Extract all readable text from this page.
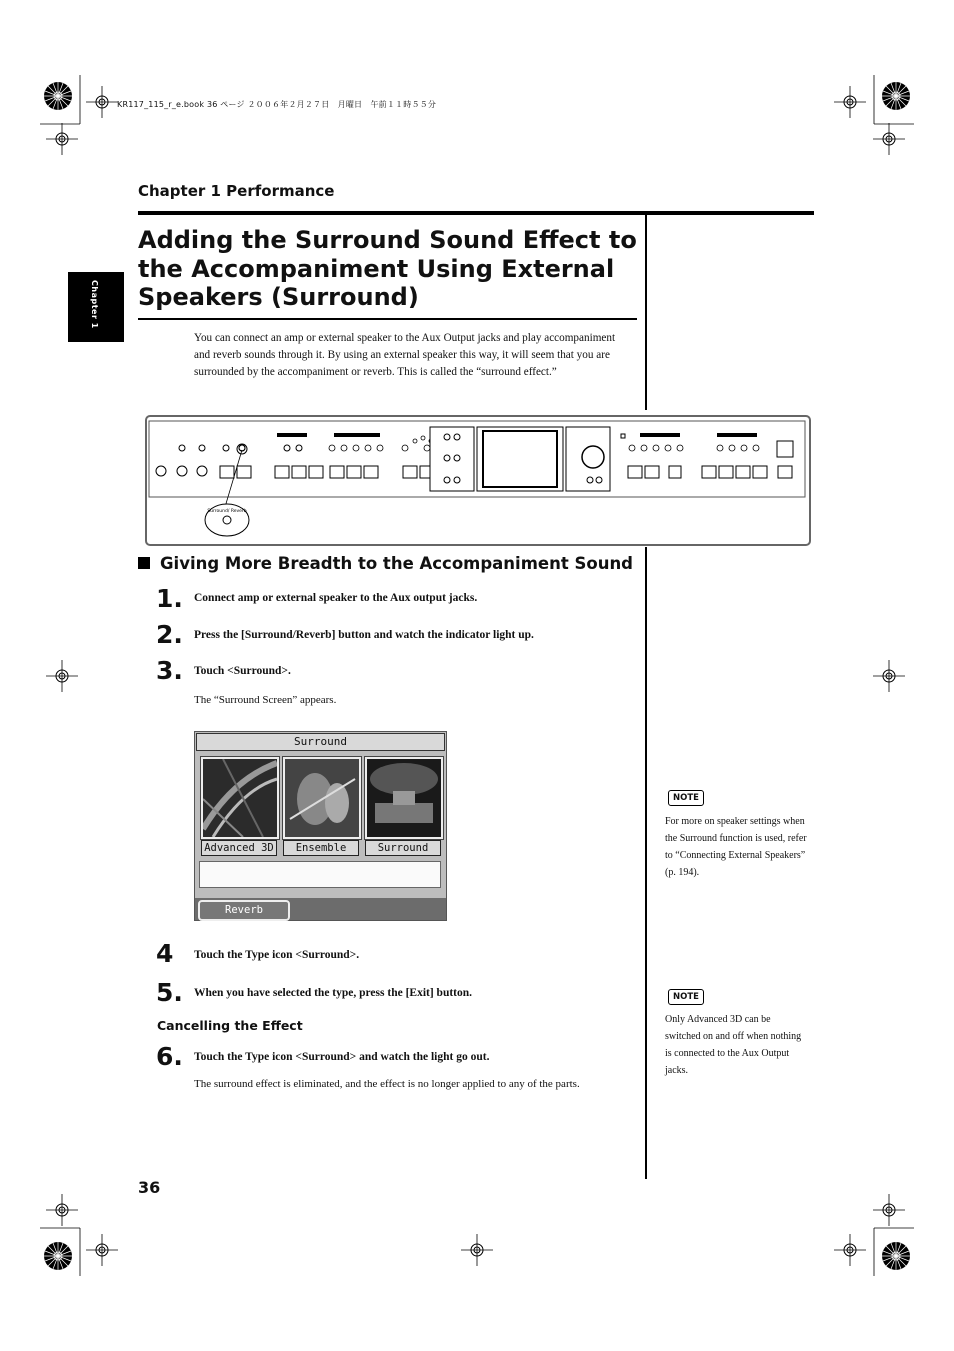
KR117_115_r_e.book 36 ページ ２００６年２月２７日　月曜日　午前１１時５５分
Chapter 1 Performance
Chapter 1
Adding the Surround Sound Effect to the Accompaniment Using External Speakers (Surround)
You can connect an amp or external speaker to the Aux Output jacks and play accompaniment and reverb sounds through it. By using an external speaker this way, it will seem that you are surrounded by the accompaniment or reverb. This is called the “surround effect.”
Surround/ Reverb
Giving More Breadth to the Accompaniment Sound
1. Connect amp or external speaker to the Aux output jacks.
2. Press the [Surround/Reverb] button and watch the indicator light up.
3. Touch <Surround>.
The “Surround Screen” appears.
Surround
Advanced 3D	Ensemble	Surround
Reverb
4 Touch the Type icon <Surround>.
5. When you have selected the type, press the [Exit] button.
Cancelling the Effect
6. Touch the Type icon <Surround> and watch the light go out.
The surround effect is eliminated, and the effect is no longer applied to any of the parts.
NOTE
For more on speaker settings when the Surround function is used, refer to “Connecting External Speakers” (p. 194).
NOTE
Only Advanced 3D can be switched on and off when nothing is connected to the Aux Output jacks.
36
